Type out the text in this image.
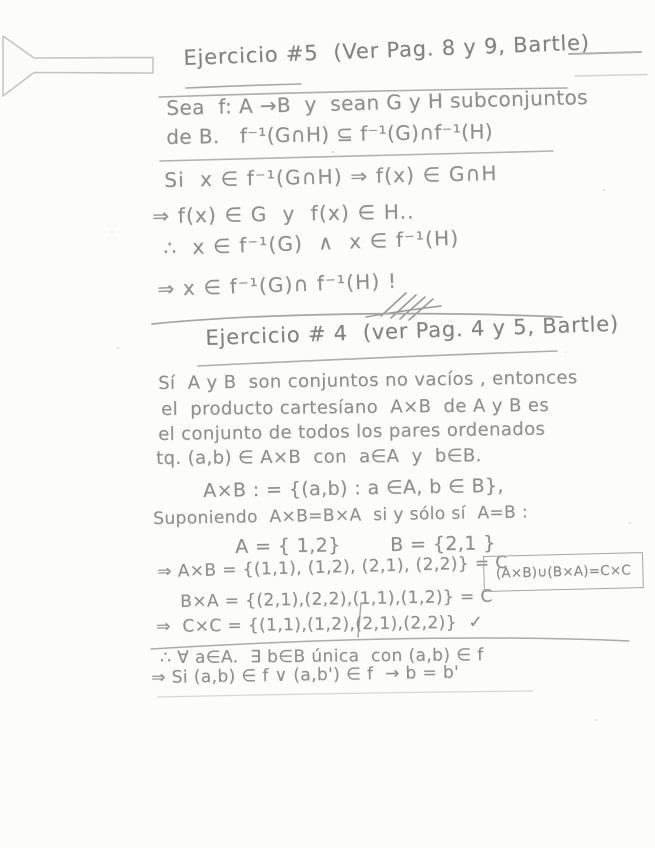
Ejercicio #5  (Ver Pag. 8 y 9, Bartle)
Sea  f: A →B  y  sean G y H subconjuntos
de B.   f⁻¹(G∩H) ⊆ f⁻¹(G)∩f⁻¹(H)
Si  x ∈ f⁻¹(G∩H) ⇒ f(x) ∈ G∩H
⇒ f(x) ∈ G  y  f(x) ∈ H..
∴  x ∈ f⁻¹(G)  ∧  x ∈ f⁻¹(H)
⇒ x ∈ f⁻¹(G)∩ f⁻¹(H) !
Ejercicio # 4  (ver Pag. 4 y 5, Bartle)
Sí  A y B  son conjuntos no vacíos , entonces
el  producto cartesíano  A×B  de A y B es
el conjunto de todos los pares ordenados
tq. (a,b) ∈ A×B  con  a∈A  y  b∈B.
A×B : = {(a,b) : a ∈A, b ∈ B},
Suponiendo  A×B=B×A  si y sólo sí  A=B :
A = { 1,2}	B = {2,1 }
⇒ A×B = {(1,1), (1,2), (2,1), (2,2)} = C
B×A = {(2,1),(2,2),(1,1),(1,2)} = C
⇒  C×C = {(1,1),(1,2),(2,1),(2,2)}  ✓
∴ ∀ a∈A.  ∃ b∈B única  con (a,b) ∈ f
⇒ Si (a,b) ∈ f ∨ (a,b') ∈ f  → b = b'
(A×B)∪(B×A)=C×C
